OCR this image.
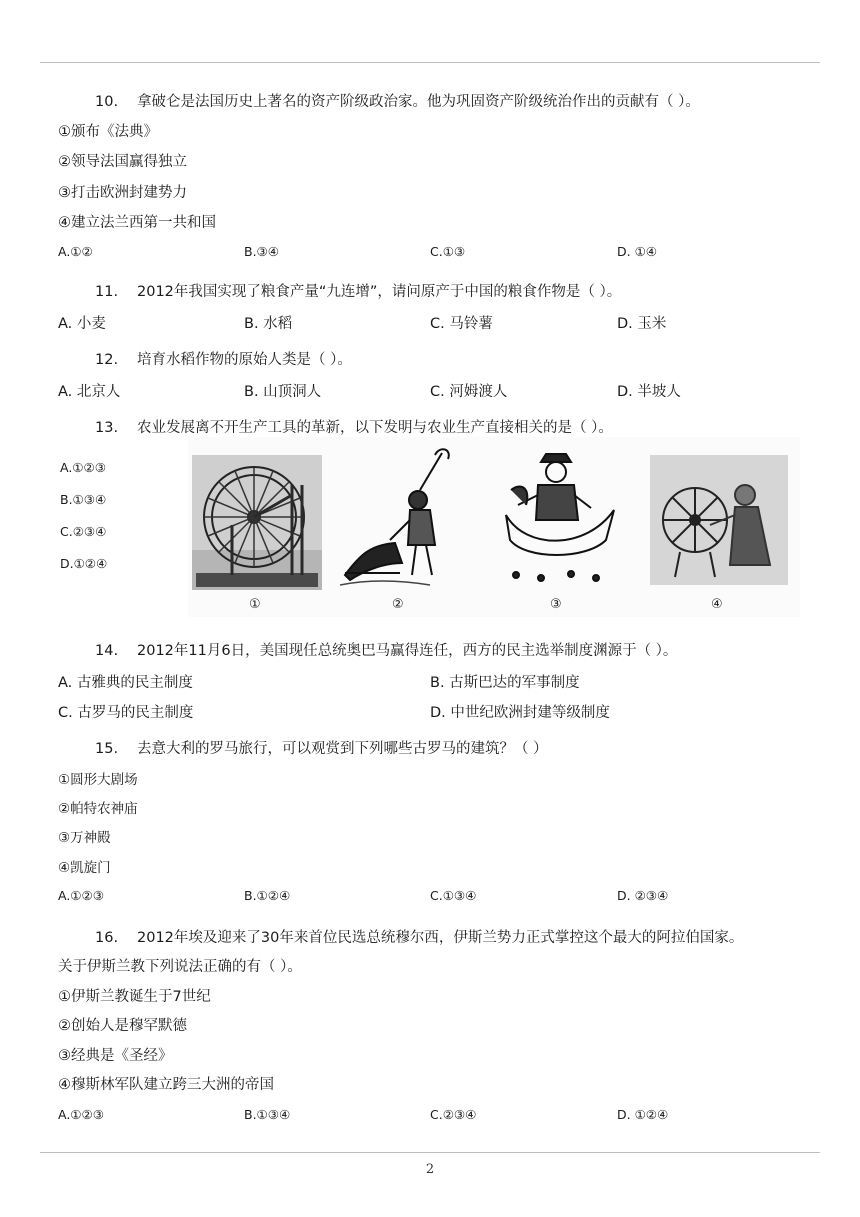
10. 拿破仑是法国历史上著名的资产阶级政治家。他为巩固资产阶级统治作出的贡献有（ ）。
①颁布《法典》
②领导法国赢得独立
③打击欧洲封建势力
④建立法兰西第一共和国
A.①②	B.③④	C.①③	D. ①④
11. 2012年我国实现了粮食产量“九连增”，请问原产于中国的粮食作物是（ ）。
A. 小麦	B. 水稻	C. 马铃薯	D. 玉米
12. 培育水稻作物的原始人类是（ ）。
A. 北京人	B. 山顶洞人	C. 河姆渡人	D. 半坡人
13. 农业发展离不开生产工具的革新，以下发明与农业生产直接相关的是（ ）。
A.①②③
B.①③④
C.②③④
D.①②④
①	②	③	④
14. 2012年11月6日，美国现任总统奥巴马赢得连任，西方的民主选举制度渊源于（ ）。
A. 古雅典的民主制度	B. 古斯巴达的军事制度
C. 古罗马的民主制度	D. 中世纪欧洲封建等级制度
15. 去意大利的罗马旅行，可以观赏到下列哪些古罗马的建筑？（ ）
①圆形大剧场
②帕特农神庙
③万神殿
④凯旋门
A.①②③	B.①②④	C.①③④	D. ②③④
16. 2012年埃及迎来了30年来首位民选总统穆尔西，伊斯兰势力正式掌控这个最大的阿拉伯国家。
关于伊斯兰教下列说法正确的有（ ）。
①伊斯兰教诞生于7世纪
②创始人是穆罕默德
③经典是《圣经》
④穆斯林军队建立跨三大洲的帝国
A.①②③	B.①③④	C.②③④	D. ①②④
2
